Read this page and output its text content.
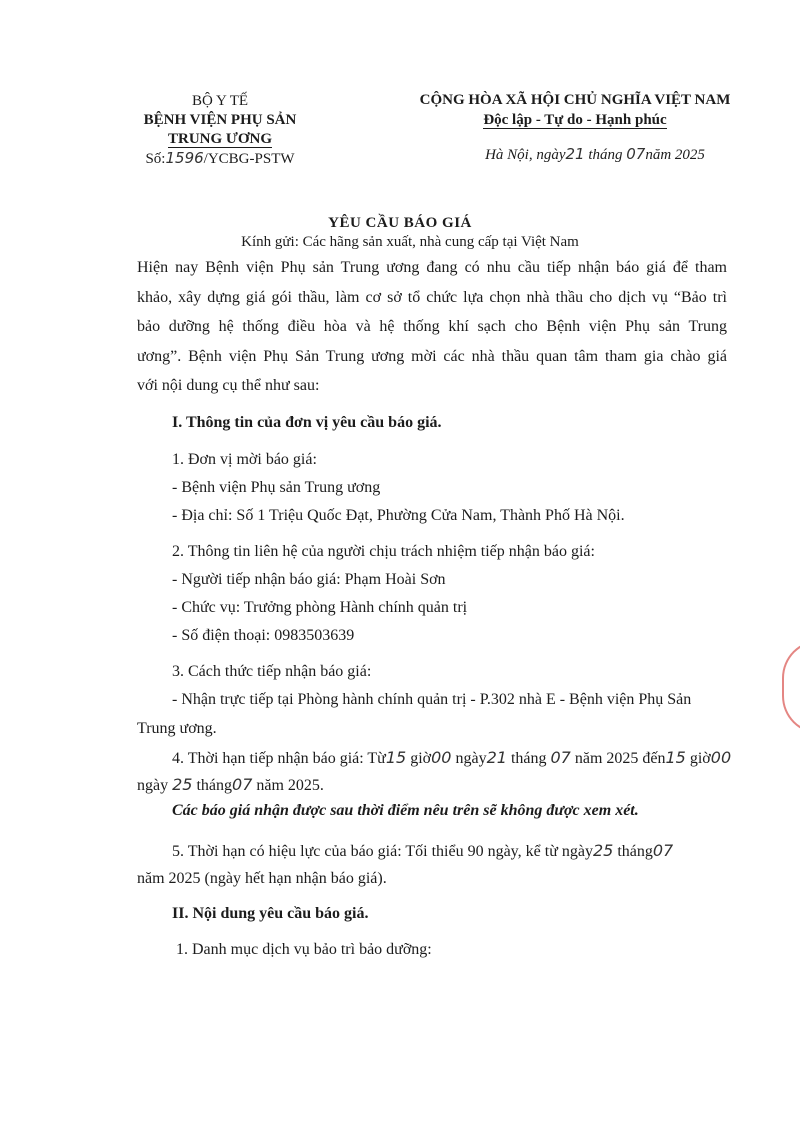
BỘ Y TẾ
BỆNH VIỆN PHỤ SẢN
TRUNG ƯƠNG
Số:1596/YCBG-PSTW
CỘNG HÒA XÃ HỘI CHỦ NGHĨA VIỆT NAM
Độc lập - Tự do - Hạnh phúc
Hà Nội, ngày21 tháng 07năm 2025
YÊU CẦU BÁO GIÁ
Kính gửi: Các hãng sản xuất, nhà cung cấp tại Việt Nam
Hiện nay Bệnh viện Phụ sản Trung ương đang có nhu cầu tiếp nhận báo giá để tham
khảo, xây dựng giá gói thầu, làm cơ sở tổ chức lựa chọn nhà thầu cho dịch vụ “Bảo trì
bảo dưỡng hệ thống điều hòa và hệ thống khí sạch cho Bệnh viện Phụ sản Trung
ương”. Bệnh viện Phụ Sản Trung ương mời các nhà thầu quan tâm tham gia chào giá
với nội dung cụ thể như sau:
I. Thông tin của đơn vị yêu cầu báo giá.
1. Đơn vị mời báo giá:
- Bệnh viện Phụ sản Trung ương
- Địa chỉ: Số 1 Triệu Quốc Đạt, Phường Cửa Nam, Thành Phố Hà Nội.
2. Thông tin liên hệ của người chịu trách nhiệm tiếp nhận báo giá:
- Người tiếp nhận báo giá: Phạm Hoài Sơn
- Chức vụ: Trưởng phòng Hành chính quản trị
- Số điện thoại: 0983503639
3. Cách thức tiếp nhận báo giá:
- Nhận trực tiếp tại Phòng hành chính quản trị - P.302 nhà E - Bệnh viện Phụ Sản
Trung ương.
4. Thời hạn tiếp nhận báo giá: Từ15 giờ00 ngày21 tháng 07 năm 2025 đến15 giờ00
ngày 25 tháng07 năm 2025.
Các báo giá nhận được sau thời điểm nêu trên sẽ không được xem xét.
5. Thời hạn có hiệu lực của báo giá: Tối thiểu 90 ngày, kể từ ngày25 tháng07
năm 2025 (ngày hết hạn nhận báo giá).
II. Nội dung yêu cầu báo giá.
1. Danh mục dịch vụ bảo trì bảo dưỡng:
